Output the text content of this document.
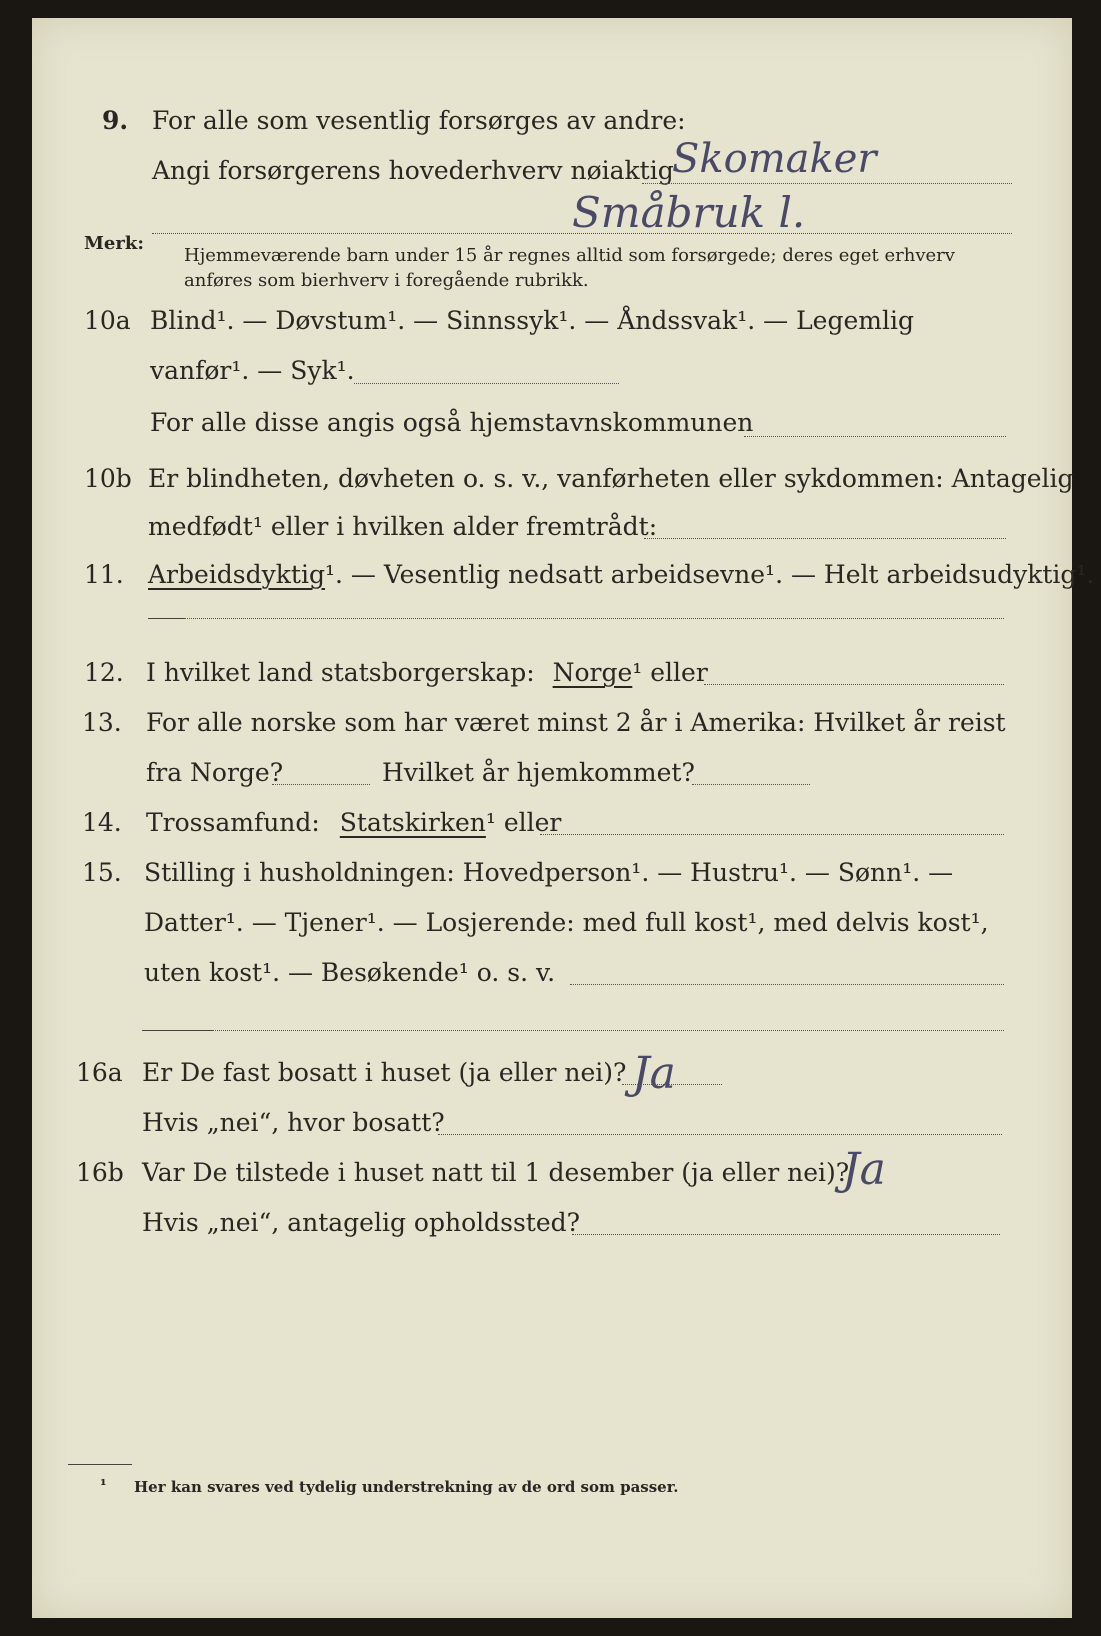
9. For alle som vesentlig forsørges av andre:
Angi forsørgerens hovederhverv nøiaktig
Skomaker
Småbruk l.
Merk:
Hjemmeværende barn under 15 år regnes alltid som forsørgede; deres eget erhverv
anføres som bierhverv i foregående rubrikk.
10a Blind¹. — Døvstum¹. — Sinnssyk¹. — Åndssvak¹. — Legemlig
vanfør¹. — Syk¹.
For alle disse angis også hjemstavnskommunen
10b Er blindheten, døvheten o. s. v., vanførheten eller sykdommen: Antagelig
medfødt¹ eller i hvilken alder fremtrådt:
11. Arbeidsdyktig¹. — Vesentlig nedsatt arbeidsevne¹. — Helt arbeidsudyktig¹.
12. I hvilket land statsborgerskap: Norge¹ eller
13. For alle norske som har været minst 2 år i Amerika: Hvilket år reist
fra Norge?	Hvilket år hjemkommet?
14. Trossamfund: Statskirken¹ eller
15. Stilling i husholdningen: Hovedperson¹. — Hustru¹. — Sønn¹. —
Datter¹. — Tjener¹. — Losjerende: med full kost¹, med delvis kost¹,
uten kost¹. — Besøkende¹ o. s. v.
16a Er De fast bosatt i huset (ja eller nei)? Ja
Hvis „nei“, hvor bosatt?
16b Var De tilstede i huset natt til 1 desember (ja eller nei)?
Ja
Hvis „nei“, antagelig opholdssted?
¹ Her kan svares ved tydelig understrekning av de ord som passer.
